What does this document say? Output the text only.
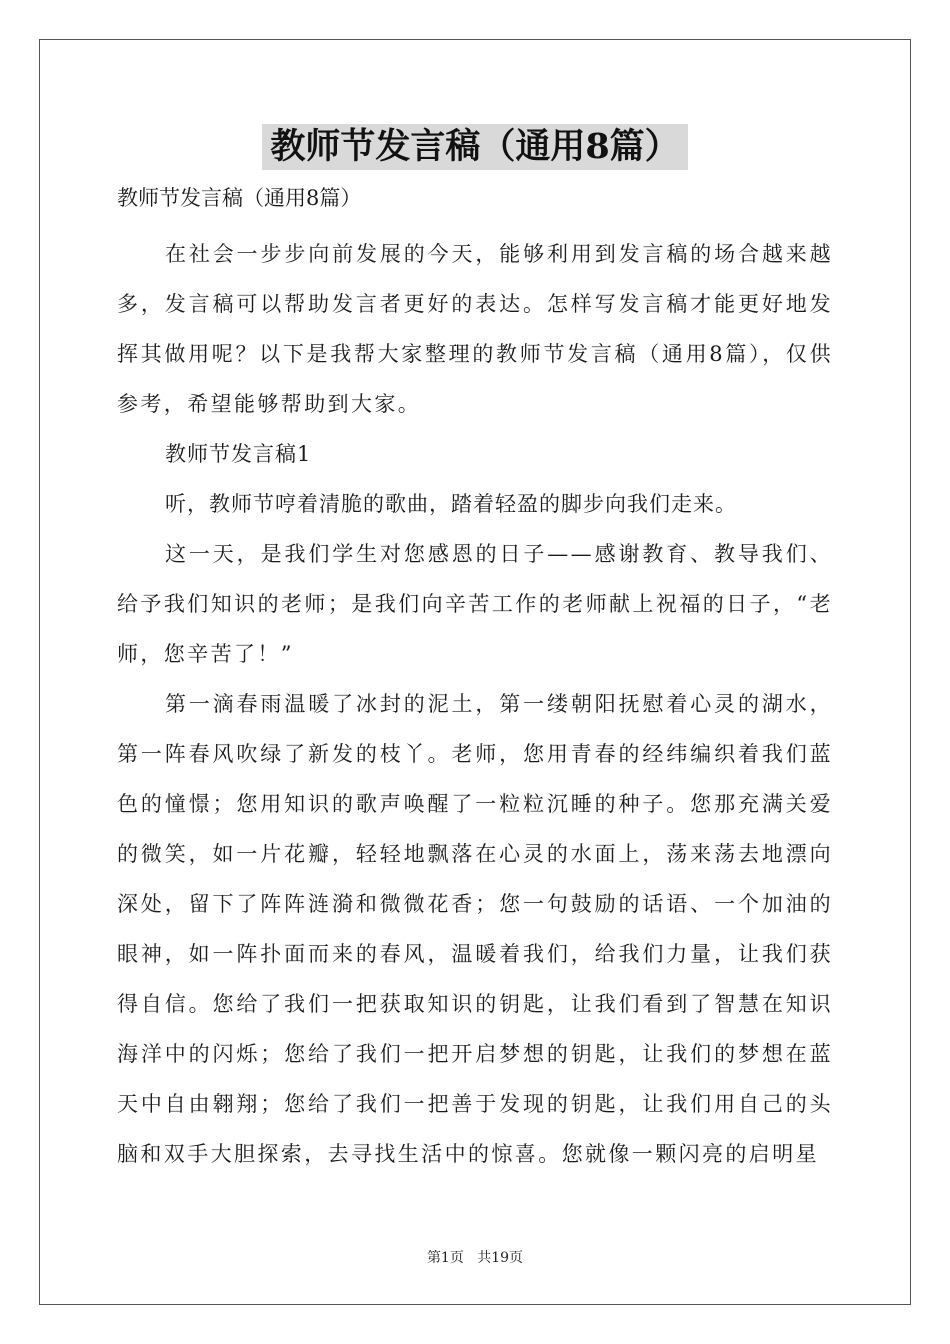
教师节发言稿（通用8篇）
教师节发言稿（通用8篇）

在社会一步步向前发展的今天，能够利用到发言稿的场合越来越多，发言稿可以帮助发言者更好的表达。怎样写发言稿才能更好地发挥其做用呢？以下是我帮大家整理的教师节发言稿（通用8篇），仅供参考，希望能够帮助到大家。

教师节发言稿1

听，教师节哼着清脆的歌曲，踏着轻盈的脚步向我们走来。

这一天，是我们学生对您感恩的日子——感谢教育、教导我们、给予我们知识的老师；是我们向辛苦工作的老师献上祝福的日子，“老师，您辛苦了！”

第一滴春雨温暖了冰封的泥土，第一缕朝阳抚慰着心灵的湖水，第一阵春风吹绿了新发的枝丫。老师，您用青春的经纬编织着我们蓝色的憧憬；您用知识的歌声唤醒了一粒粒沉睡的种子。您那充满关爱的微笑，如一片花瓣，轻轻地飘落在心灵的水面上，荡来荡去地漂向深处，留下了阵阵涟漪和微微花香；您一句鼓励的话语、一个加油的眼神，如一阵扑面而来的春风，温暖着我们，给我们力量，让我们获得自信。您给了我们一把获取知识的钥匙，让我们看到了智慧在知识海洋中的闪烁；您给了我们一把开启梦想的钥匙，让我们的梦想在蓝天中自由翱翔；您给了我们一把善于发现的钥匙，让我们用自己的头脑和双手大胆探索，去寻找生活中的惊喜。您就像一颗闪亮的启明星

第1页 共19页
